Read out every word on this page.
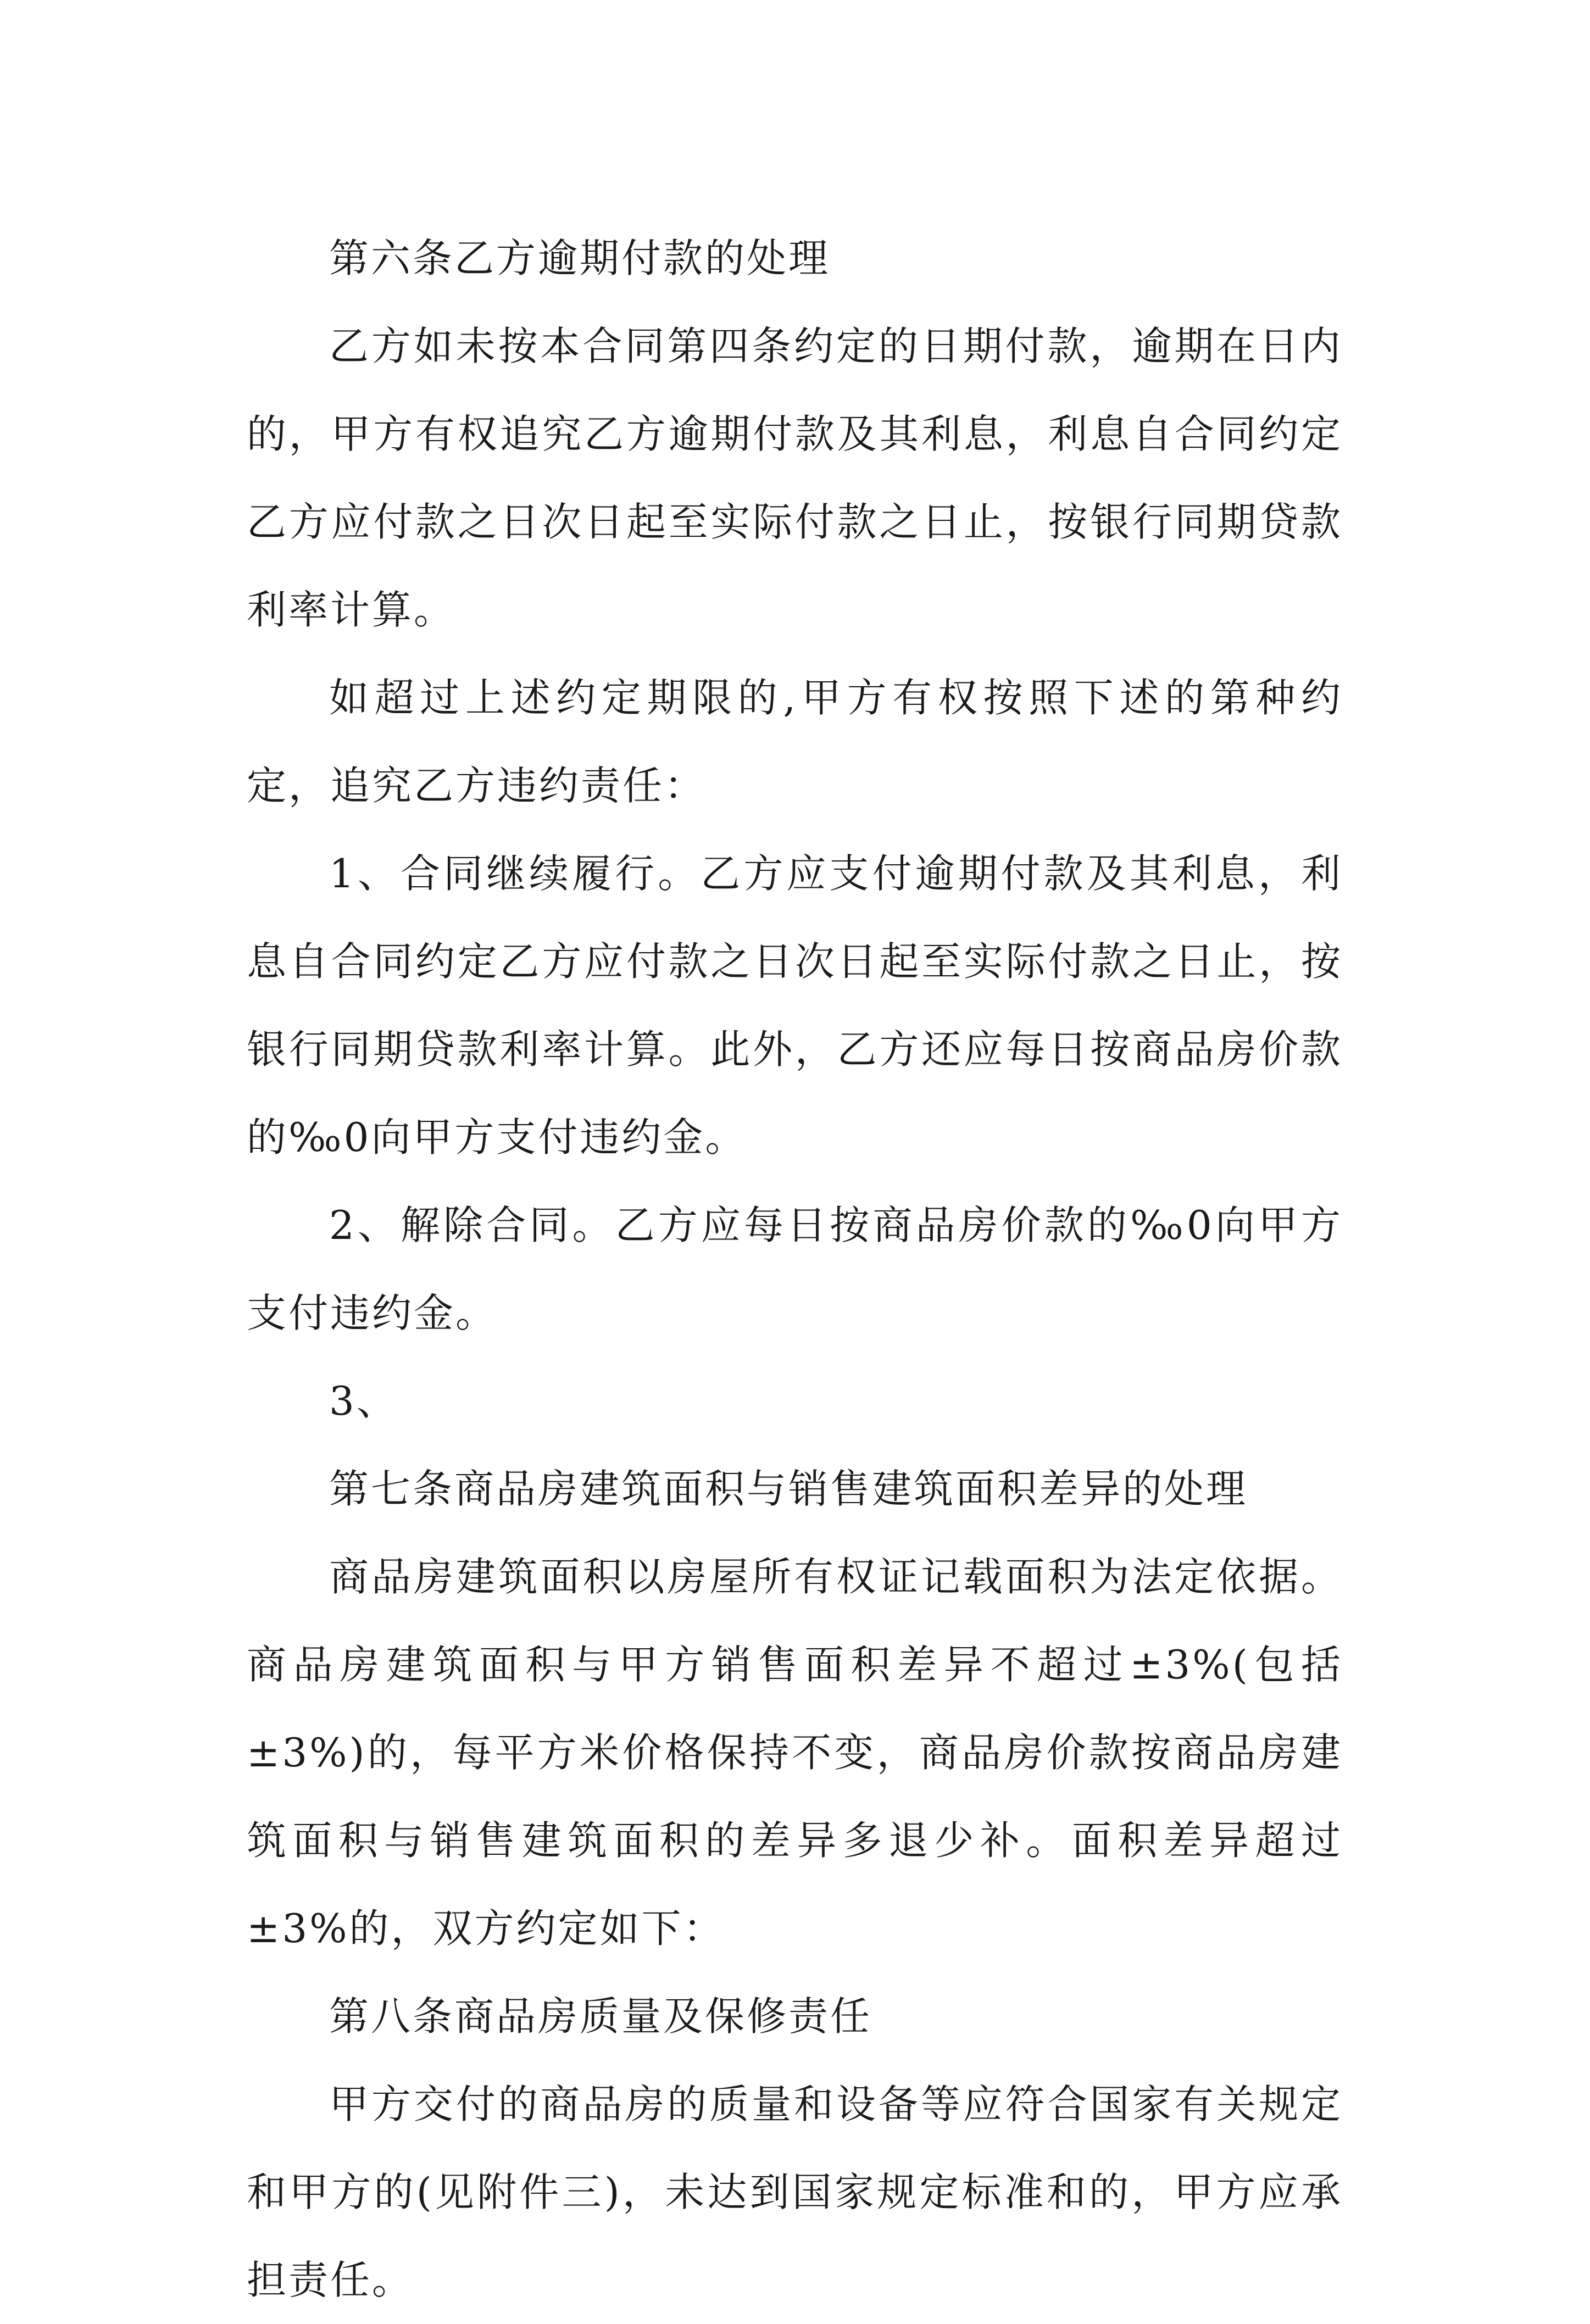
第六条乙方逾期付款的处理

乙方如未按本合同第四条约定的日期付款，逾期在日内的，甲方有权追究乙方逾期付款及其利息，利息自合同约定乙方应付款之日次日起至实际付款之日止，按银行同期贷款利率计算。

如超过上述约定期限的,甲方有权按照下述的第种约定，追究乙方违约责任：

1、合同继续履行。乙方应支付逾期付款及其利息，利息自合同约定乙方应付款之日次日起至实际付款之日止，按银行同期贷款利率计算。此外，乙方还应每日按商品房价款的‰0向甲方支付违约金。

2、解除合同。乙方应每日按商品房价款的‰0向甲方支付违约金。

3、

第七条商品房建筑面积与销售建筑面积差异的处理

商品房建筑面积以房屋所有权证记载面积为法定依据。商品房建筑面积与甲方销售面积差异不超过±3%(包括±3%)的，每平方米价格保持不变，商品房价款按商品房建筑面积与销售建筑面积的差异多退少补。面积差异超过±3%的，双方约定如下：

第八条商品房质量及保修责任

甲方交付的商品房的质量和设备等应符合国家有关规定和甲方的(见附件三)，未达到国家规定标准和的，甲方应承担责任。
